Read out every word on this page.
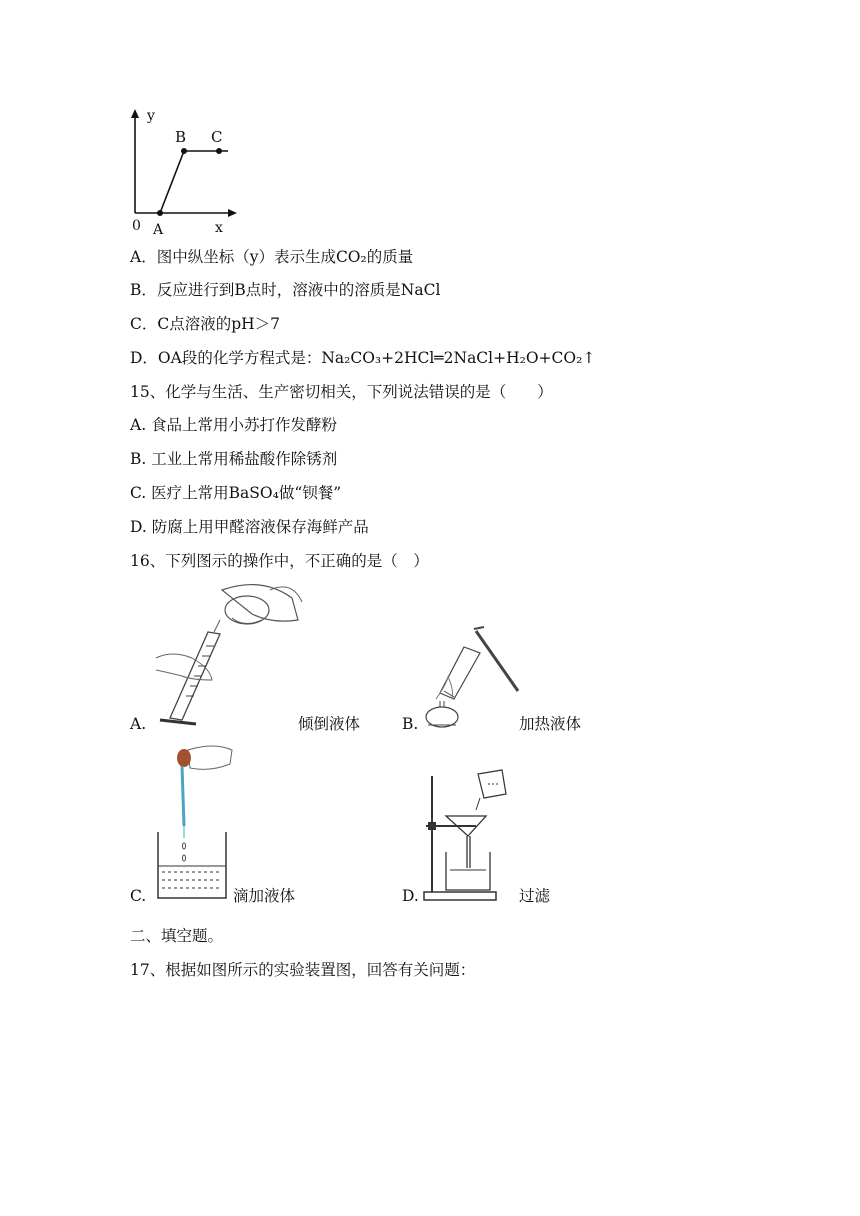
y
x
0 A
B C
A．图中纵坐标（y）表示生成CO₂的质量
B．反应进行到B点时，溶液中的溶质是NaCl
C．C点溶液的pH＞7
D．OA段的化学方程式是：Na₂CO₃+2HCl═2NaCl+H₂O+CO₂↑
15、化学与生活、生产密切相关，下列说法错误的是（　　）
A. 食品上常用小苏打作发酵粉
B. 工业上常用稀盐酸作除锈剂
C. 医疗上常用BaSO₄做“钡餐”
D. 防腐上用甲醛溶液保存海鲜产品
16、下列图示的操作中，不正确的是（　）
A.	倾倒液体	B.	加热液体
C.	滴加液体	D.	过滤
二、填空题。
17、根据如图所示的实验装置图，回答有关问题：
